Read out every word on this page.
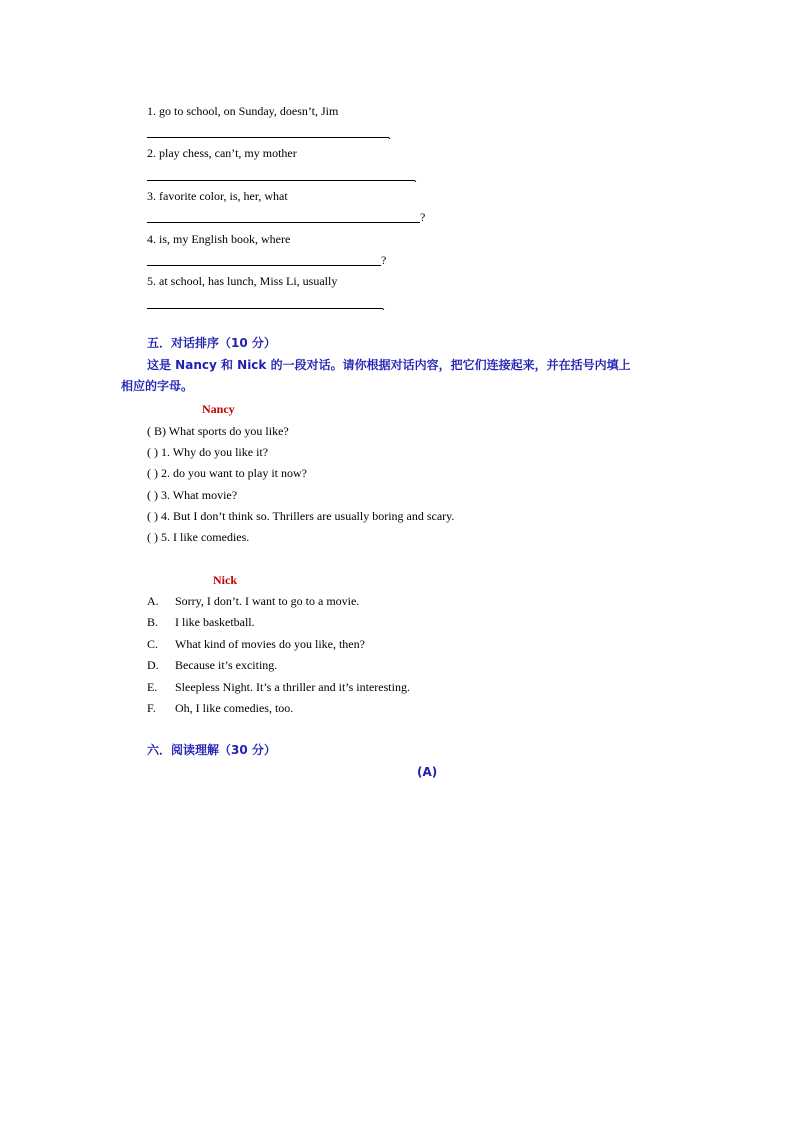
1. go to school, on Sunday, doesn’t, Jim
.
2. play chess, can’t, my mother
.
3. favorite color, is, her, what
?
4. is, my English book, where
?
5. at school, has lunch, Miss Li, usually
.
五．对话排序（10 分）
这是 Nancy 和 Nick 的一段对话。请你根据对话内容，把它们连接起来，并在括号内填上
相应的字母。
Nancy
( B) What sports do you like?
( ) 1. Why do you like it?
( ) 2. do you want to play it now?
( ) 3. What movie?
( ) 4. But I don’t think so. Thrillers are usually boring and scary.
( ) 5. I like comedies.
Nick
A. Sorry, I don’t. I want to go to a movie.
B. I like basketball.
C. What kind of movies do you like, then?
D. Because it’s exciting.
E. Sleepless Night. It’s a thriller and it’s interesting.
F. Oh, I like comedies, too.
六．阅读理解（30 分）
(A)
